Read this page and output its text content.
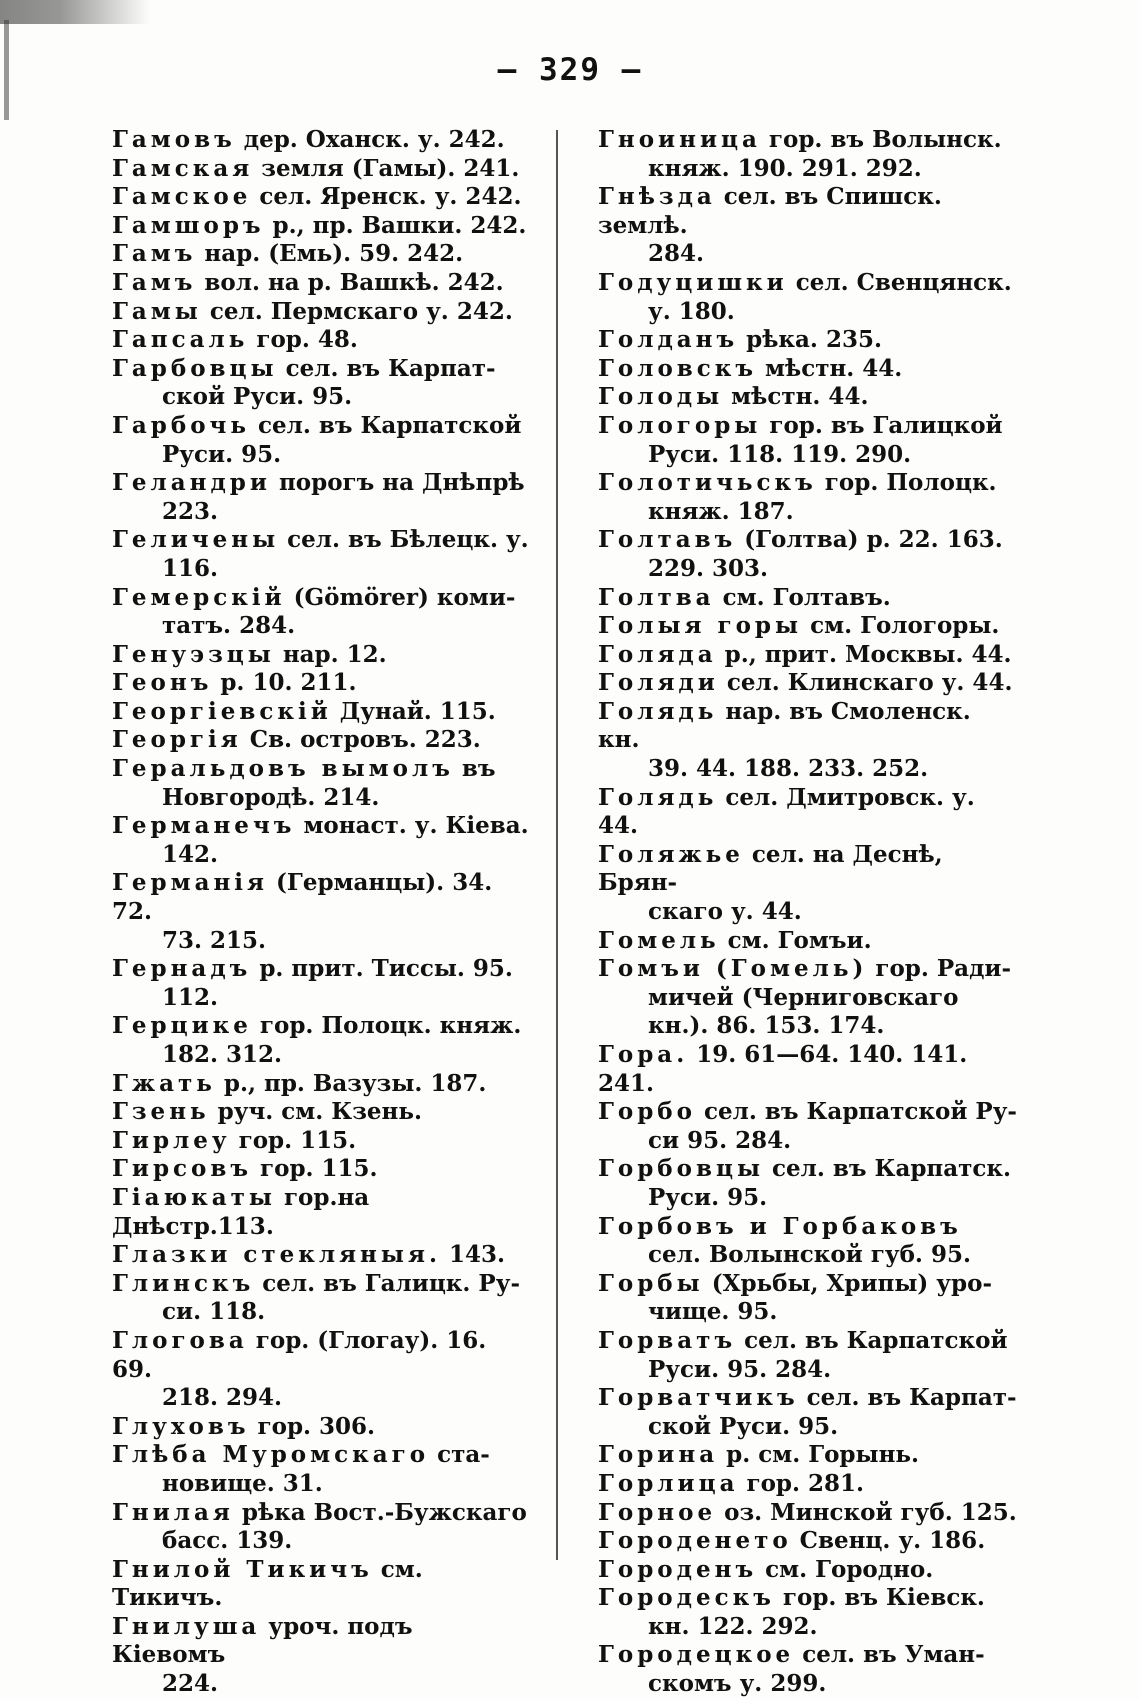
— 329 —

Гамовъ дер. Оханск. у. 242.

Гамская земля (Гамы). 241.

Гамское сел. Яренск. у. 242.

Гамшоръ р., пр. Вашки. 242.

Гамъ нар. (Емь). 59. 242.

Гамъ вол. на р. Вашкѣ. 242.

Гамы сел. Пермскаго у. 242.

Гапсаль гор. 48.

Гарбовцы сел. въ Карпат-
ской Руси. 95.

Гарбочь сел. въ Карпатской
Руси. 95.

Геландри порогъ на Днѣпрѣ
223.

Геличены сел. въ Бѣлецк. у.
116.

Гемерскій (Gömörer) коми-
татъ. 284.

Генуэзцы нар. 12.

Геонъ р. 10. 211.

Георгіевскій Дунай. 115.

Георгія Св. островъ. 223.

Геральдовъ вымолъ въ
Новгородѣ. 214.

Германечъ монаст. у. Кіева.
142.

Германія (Германцы). 34. 72.
73. 215.

Гернадъ р. прит. Тиссы. 95.
112.

Герцике гор. Полоцк. княж.
182. 312.

Гжать р., пр. Вазузы. 187.

Гзень руч. см. Кзень.

Гирлеу гор. 115.

Гирсовъ гор. 115.

Гіаюкаты гор.на Днѣстр.113.

Глазки стекляныя. 143.

Глинскъ сел. въ Галицк. Ру-
си. 118.

Глогова гор. (Глогау). 16. 69.
218. 294.

Глуховъ гор. 306.

Глѣба Муромскаго ста-
новище. 31.

Гнилая рѣка Вост.-Бужскаго
басс. 139.

Гнилой Тикичъ см. Тикичъ.

Гнилуша уроч. подъ Кіевомъ
224.

Гноиница гор. въ Волынск.
княж. 190. 291. 292.

Гнѣзда сел. въ Спишск. землѣ.
284.

Годуцишки сел. Свенцянск.
у. 180.

Голданъ рѣка. 235.

Головскъ мѣстн. 44.

Голоды мѣстн. 44.

Гологоры гор. въ Галицкой
Руси. 118. 119. 290.

Голотичьскъ гор. Полоцк.
княж. 187.

Голтавъ (Голтва) р. 22. 163.
229. 303.

Голтва см. Голтавъ.

Голыя горы см. Гологоры.

Голяда р., прит. Москвы. 44.

Голяди сел. Клинскаго у. 44.

Голядь нар. въ Смоленск. кн.
39. 44. 188. 233. 252.

Голядь сел. Дмитровск. у. 44.

Голяжье сел. на Деснѣ, Брян-
скаго у. 44.

Гомель см. Гомъи.

Гомъи (Гомель) гор. Ради-
мичей (Черниговскаго кн.). 86. 153. 174.

Гора. 19. 61—64. 140. 141. 241.

Горбо сел. въ Карпатской Ру-
си 95. 284.

Горбовцы сел. въ Карпатск.
Руси. 95.

Горбовъ и Горбаковъ
сел. Волынской губ. 95.

Горбы (Хрьбы, Хрипы) уро-
чище. 95.

Горватъ сел. въ Карпатской
Руси. 95. 284.

Горватчикъ сел. въ Карпат-
ской Руси. 95.

Горина р. см. Горынь.

Горлица гор. 281.

Горное оз. Минской губ. 125.

Городенето Свенц. у. 186.

Городенъ см. Городно.

Городескъ гор. въ Кіевск.
кн. 122. 292.

Городецкое сел. въ Уман-
скомъ у. 299.
